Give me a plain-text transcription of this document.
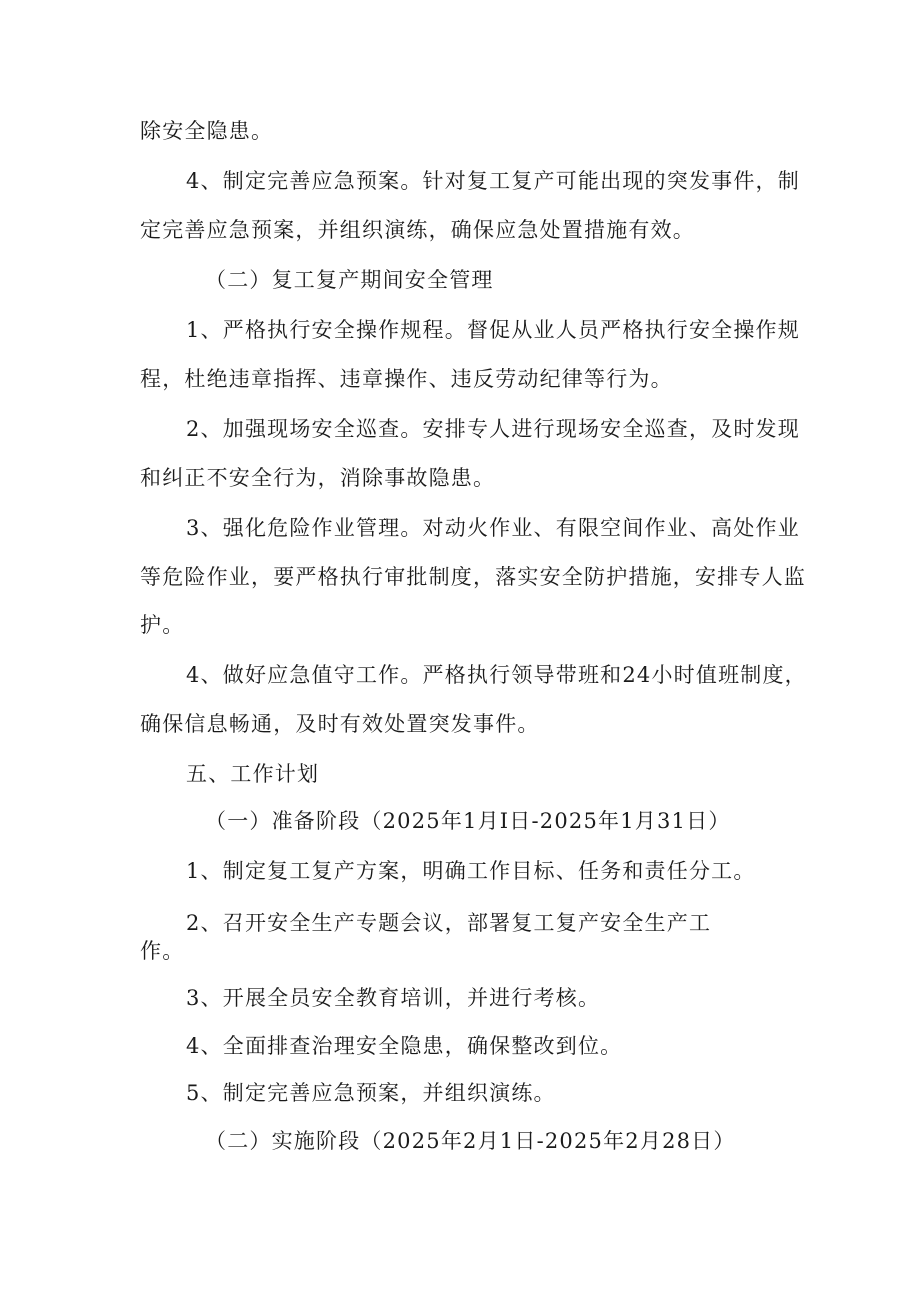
除安全隐患。
4、制定完善应急预案。针对复工复产可能出现的突发事件，制
定完善应急预案，并组织演练，确保应急处置措施有效。
（二）复工复产期间安全管理
1、严格执行安全操作规程。督促从业人员严格执行安全操作规
程，杜绝违章指挥、违章操作、违反劳动纪律等行为。
2、加强现场安全巡查。安排专人进行现场安全巡查，及时发现
和纠正不安全行为，消除事故隐患。
3、强化危险作业管理。对动火作业、有限空间作业、高处作业
等危险作业，要严格执行审批制度，落实安全防护措施，安排专人监
护。
4、做好应急值守工作。严格执行领导带班和24小时值班制度，
确保信息畅通，及时有效处置突发事件。
五、工作计划
（一）准备阶段（2025年1月I日-2025年1月31日）
1、制定复工复产方案，明确工作目标、任务和责任分工。
2、召开安全生产专题会议，部署复工复产安全生产工
作。
3、开展全员安全教育培训，并进行考核。
4、全面排查治理安全隐患，确保整改到位。
5、制定完善应急预案，并组织演练。
（二）实施阶段（2025年2月1日-2025年2月28日）
